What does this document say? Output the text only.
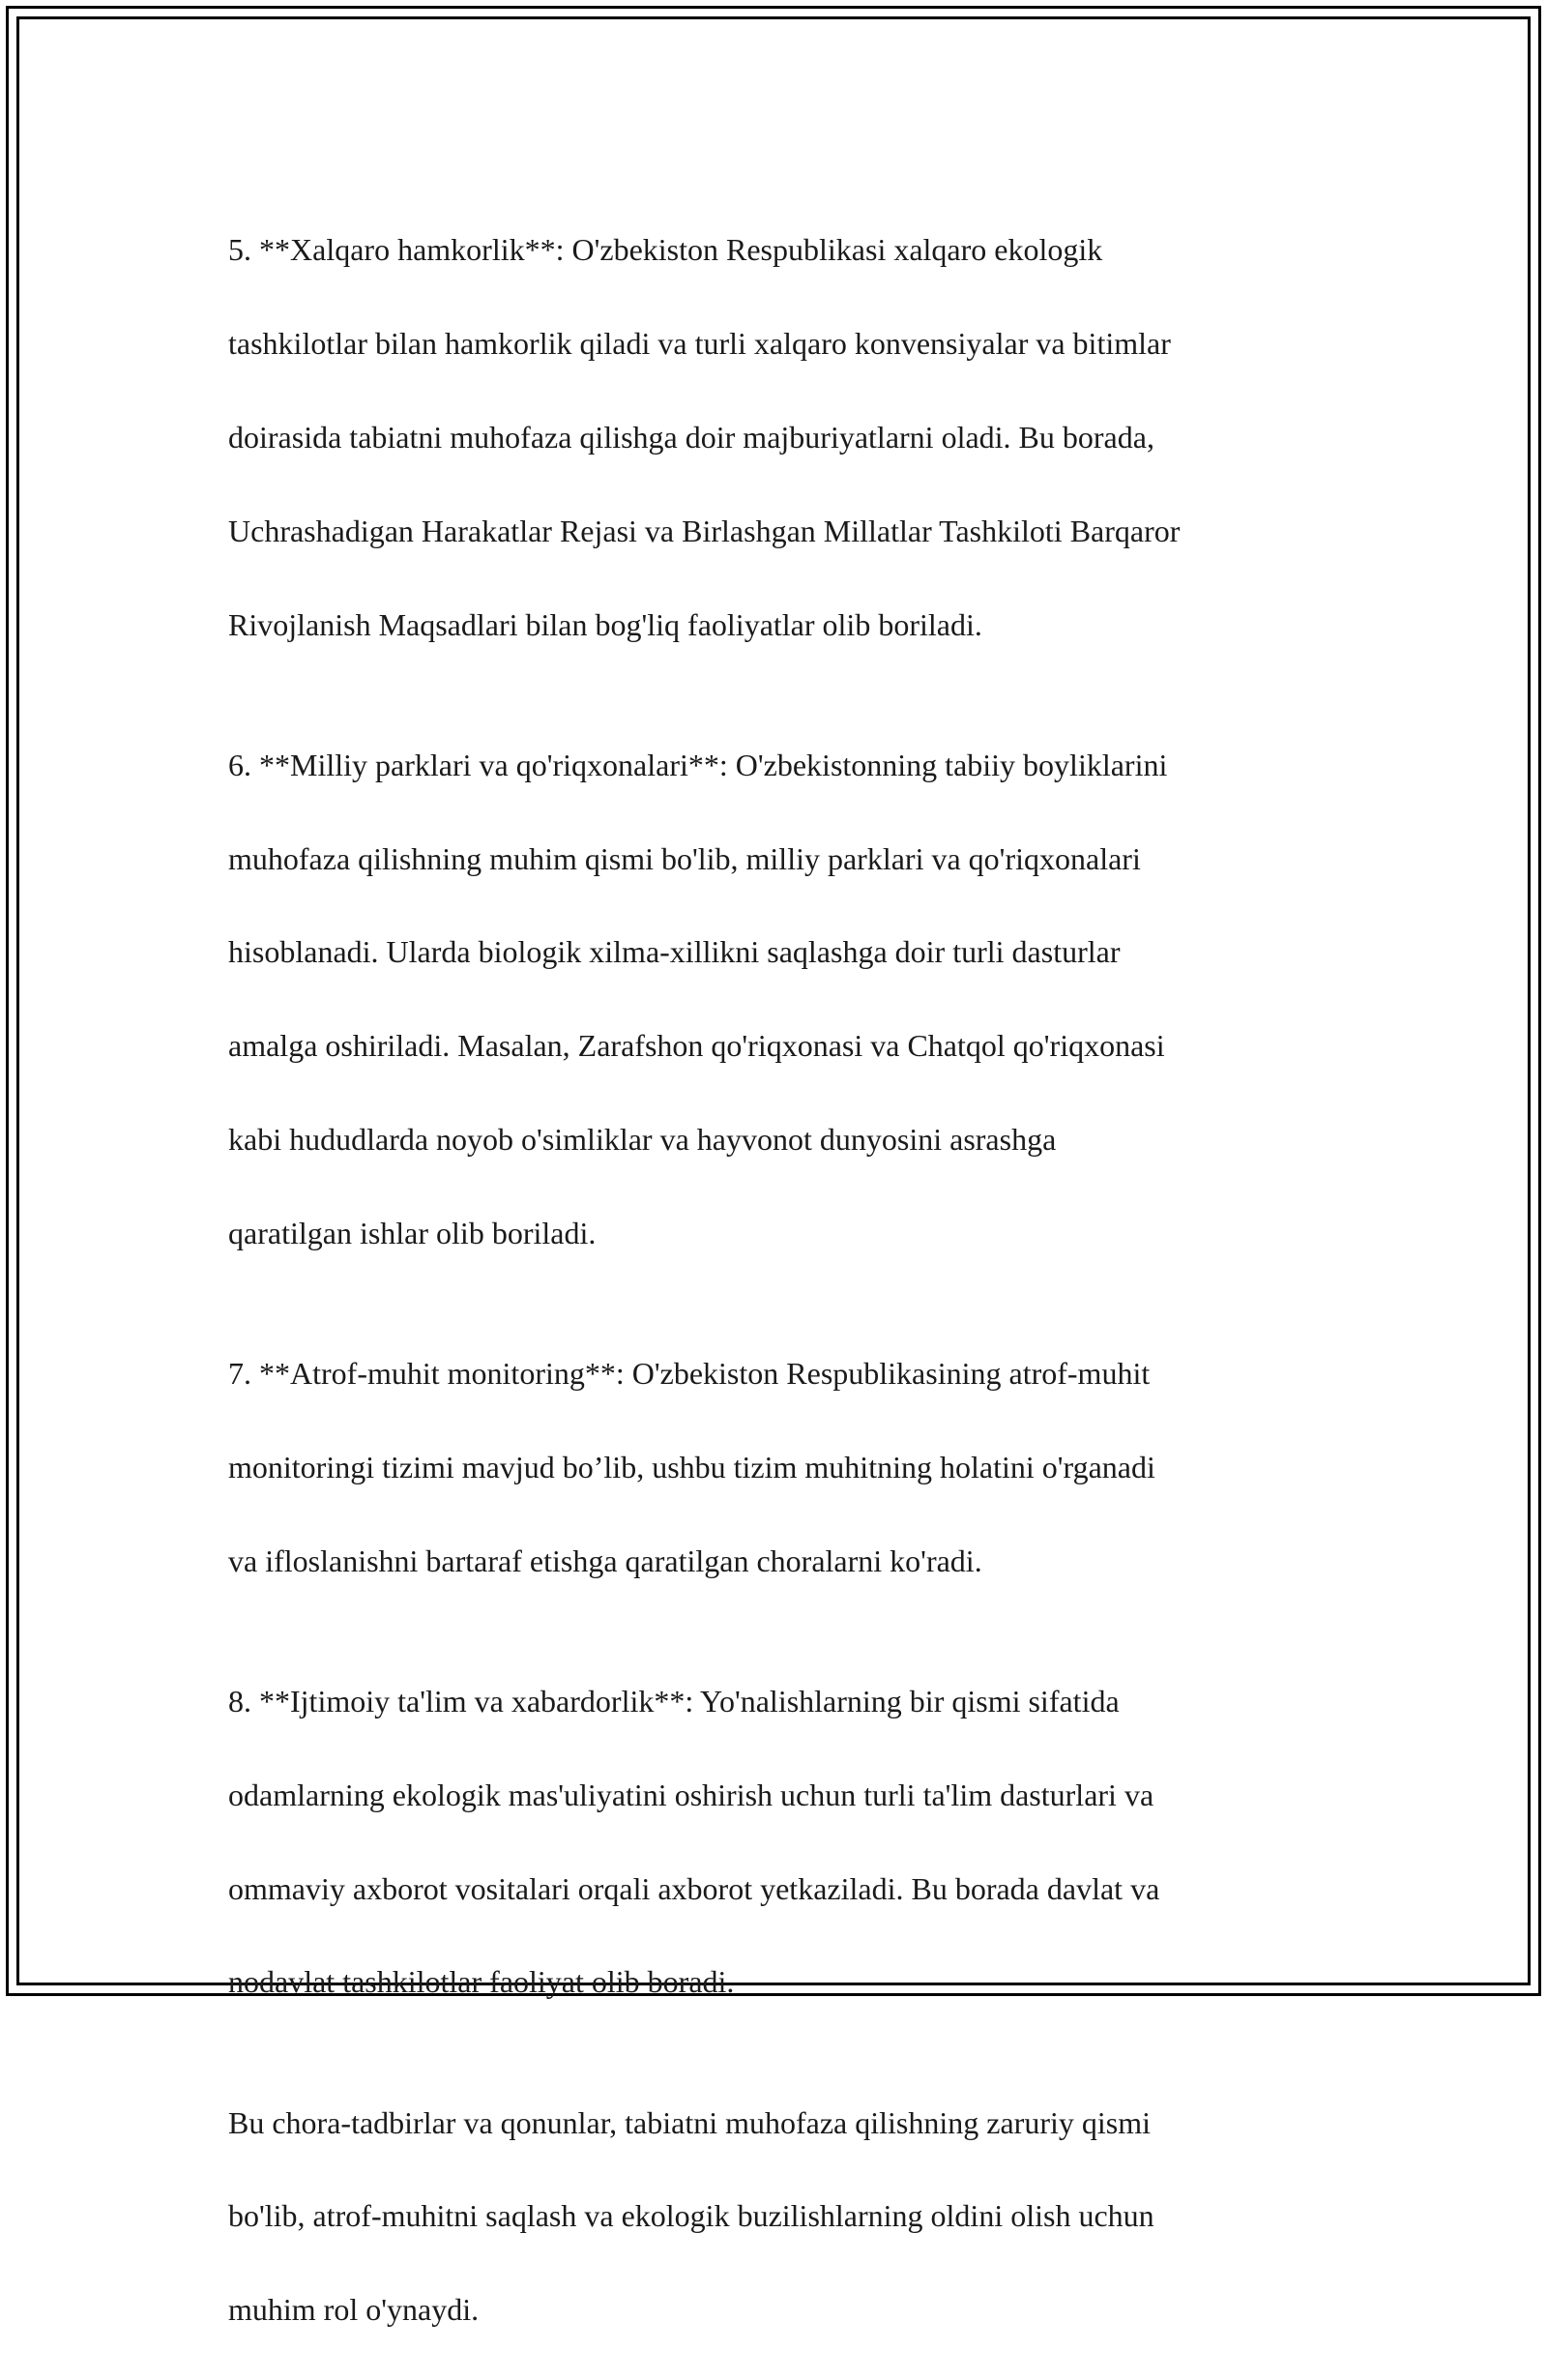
5. **Xalqaro hamkorlik**: O'zbekiston Respublikasi xalqaro ekologik

tashkilotlar bilan hamkorlik qiladi va turli xalqaro konvensiyalar va bitimlar

doirasida tabiatni muhofaza qilishga doir majburiyatlarni oladi. Bu borada,

Uchrashadigan Harakatlar Rejasi va Birlashgan Millatlar Tashkiloti Barqaror

Rivojlanish Maqsadlari bilan bog'liq faoliyatlar olib boriladi.

6. **Milliy parklari va qo'riqxonalari**: O'zbekistonning tabiiy boyliklarini

muhofaza qilishning muhim qismi bo'lib, milliy parklari va qo'riqxonalari

hisoblanadi. Ularda biologik xilma-xillikni saqlashga doir turli dasturlar

amalga oshiriladi. Masalan, Zarafshon qo'riqxonasi va Chatqol qo'riqxonasi

kabi hududlarda noyob o'simliklar va hayvonot dunyosini asrashga

qaratilgan ishlar olib boriladi.

7. **Atrof-muhit monitoring**: O'zbekiston Respublikasining atrof-muhit

monitoringi tizimi mavjud bo’lib, ushbu tizim muhitning holatini o'rganadi

va ifloslanishni bartaraf etishga qaratilgan choralarni ko'radi.

8. **Ijtimoiy ta'lim va xabardorlik**: Yo'nalishlarning bir qismi sifatida

odamlarning ekologik mas'uliyatini oshirish uchun turli ta'lim dasturlari va

ommaviy axborot vositalari orqali axborot yetkaziladi. Bu borada davlat va

nodavlat tashkilotlar faoliyat olib boradi.

Bu chora-tadbirlar va qonunlar, tabiatni muhofaza qilishning zaruriy qismi

bo'lib, atrof-muhitni saqlash va ekologik buzilishlarning oldini olish uchun

muhim rol o'ynaydi.
